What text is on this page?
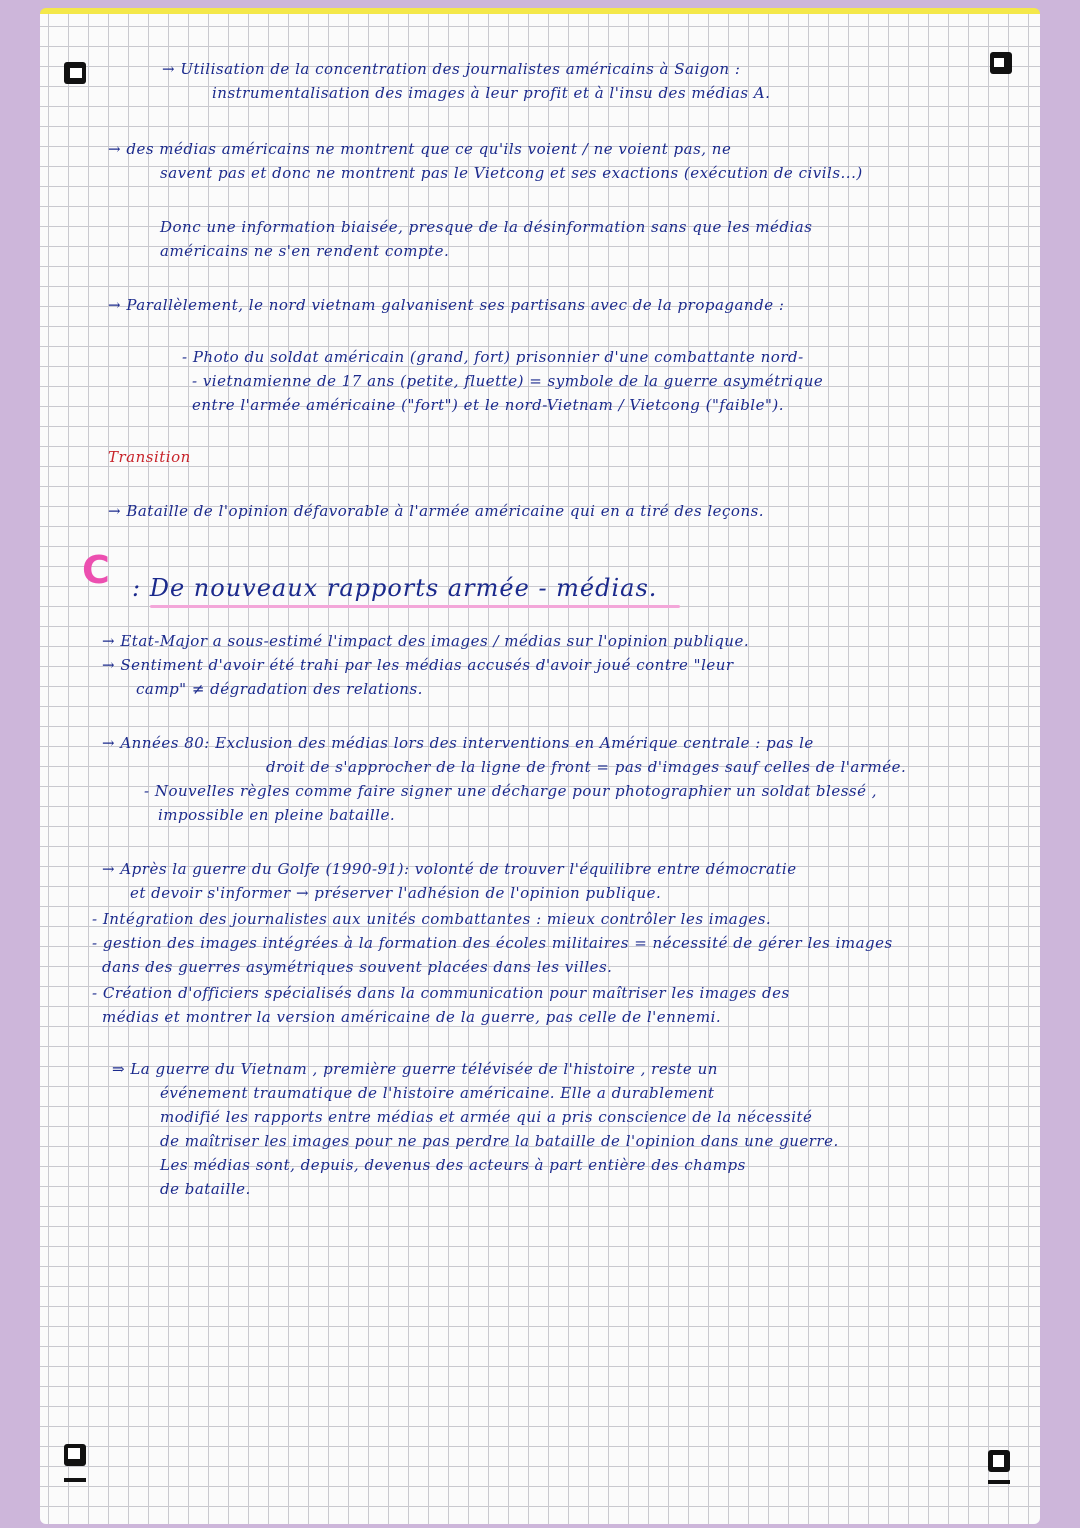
→ Utilisation de la concentration des journalistes américains à Saigon :
instrumentalisation des images à leur profit et à l'insu des médias A.
→ des médias américains ne montrent que ce qu'ils voient / ne voient pas, ne
savent pas et donc ne montrent pas le Vietcong et ses exactions (exécution de civils...)
Donc une information biaisée, presque de la désinformation sans que les médias
américains ne s'en rendent compte.
→ Parallèlement, le nord vietnam galvanisent ses partisans avec de la propagande :
- Photo du soldat américain (grand, fort) prisonnier d'une combattante nord-
- vietnamienne de 17 ans (petite, fluette) = symbole de la guerre asymétrique
entre l'armée américaine ("fort") et le nord-Vietnam / Vietcong ("faible").
Transition
→ Bataille de l'opinion défavorable à l'armée américaine qui en a tiré des leçons.
C : De nouveaux rapports armée - médias.
→ Etat-Major a sous-estimé l'impact des images / médias sur l'opinion publique.
→ Sentiment d'avoir été trahi par les médias accusés d'avoir joué contre "leur
camp" ≠ dégradation des relations.
→ Années 80: Exclusion des médias lors des interventions en Amérique centrale : pas le
droit de s'approcher de la ligne de front = pas d'images sauf celles de l'armée.
- Nouvelles règles comme faire signer une décharge pour photographier un soldat blessé ,
impossible en pleine bataille.
→ Après la guerre du Golfe (1990-91): volonté de trouver l'équilibre entre démocratie
et devoir s'informer → préserver l'adhésion de l'opinion publique.
- Intégration des journalistes aux unités combattantes : mieux contrôler les images.
- gestion des images intégrées à la formation des écoles militaires = nécessité de gérer les images
dans des guerres asymétriques souvent placées dans les villes.
- Création d'officiers spécialisés dans la communication pour maîtriser les images des
médias et montrer la version américaine de la guerre, pas celle de l'ennemi.
⇒ La guerre du Vietnam , première guerre télévisée de l'histoire , reste un
événement traumatique de l'histoire américaine. Elle a durablement
modifié les rapports entre médias et armée qui a pris conscience de la nécessité
de maîtriser les images pour ne pas perdre la bataille de l'opinion dans une guerre.
Les médias sont, depuis, devenus des acteurs à part entière des champs
de bataille.
